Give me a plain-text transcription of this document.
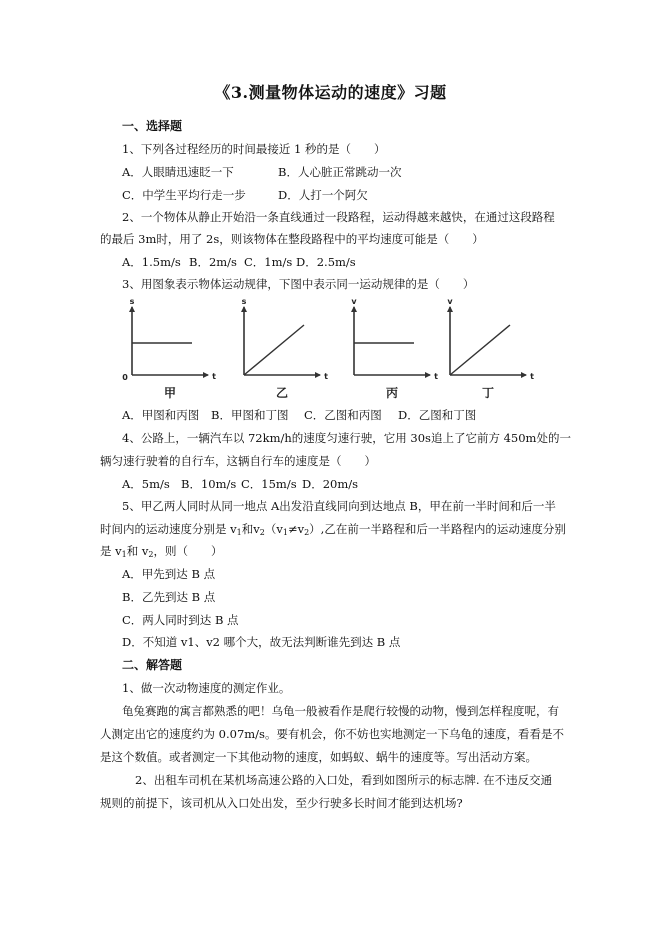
《3.测量物体运动的速度》习题
一、选择题
1、下列各过程经历的时间最接近 1 秒的是（　　）
A．人眼睛迅速眨一下	B．人心脏正常跳动一次
C．中学生平均行走一步	D．人打一个阿欠
2、一个物体从静止开始沿一条直线通过一段路程，运动得越来越快，在通过这段路程
的最后 3m时，用了 2s，则该物体在整段路程中的平均速度可能是（　　）
A．1.5m/s B．2m/s C．1m/s D．2.5m/s
3、用图象表示物体运动规律，下图中表示同一运动规律的是（　　）
s
t
0
甲
s
t
乙
v
t
丙
v
t
丁
A．甲图和丙图 B．甲图和丁图 C．乙图和丙图 D．乙图和丁图
4、公路上，一辆汽车以 72km/h的速度匀速行驶，它用 30s追上了它前方 450m处的一
辆匀速行驶着的自行车，这辆自行车的速度是（　　）
A．5m/s B．10m/s C．15m/s D．20m/s
5、甲乙两人同时从同一地点 A出发沿直线同向到达地点 B，甲在前一半时间和后一半
时间内的运动速度分别是 $v_1$和$v_2(v_1\ne v_2)$,乙在前一半路程和后一半路程内的运动速度分别
是 $v_1$和 $v_2$，则（　　）
A．甲先到达 B 点
B．乙先到达 B 点
C．两人同时到达 B 点
D．不知道 v1、v2 哪个大，故无法判断谁先到达 B 点
二、解答题
1、做一次动物速度的测定作业。
龟兔赛跑的寓言都熟悉的吧！乌龟一般被看作是爬行较慢的动物，慢到怎样程度呢，有
人测定出它的速度约为 0.07m/s。要有机会，你不妨也实地测定一下乌龟的速度，看看是不
是这个数值。或者测定一下其他动物的速度，如蚂蚁、蜗牛的速度等。写出活动方案。
2、出租车司机在某机场高速公路的入口处，看到如图所示的标志牌. 在不违反交通
规则的前提下，该司机从入口处出发，至少行驶多长时间才能到达机场?
